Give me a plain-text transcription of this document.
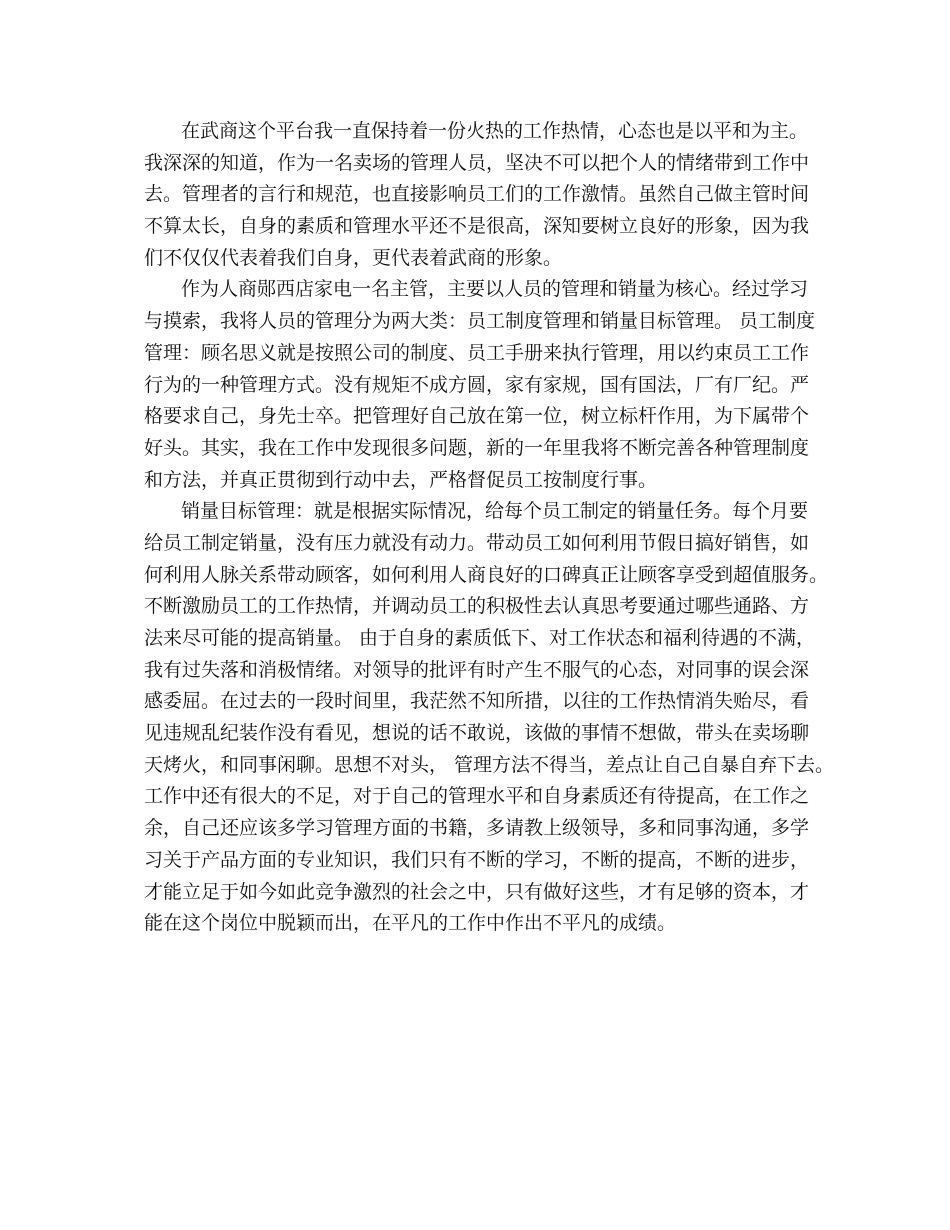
在武商这个平台我一直保持着一份火热的工作热情，心态也是以平和为主。
我深深的知道，作为一名卖场的管理人员，坚决不可以把个人的情绪带到工作中
去。管理者的言行和规范，也直接影响员工们的工作激情。虽然自己做主管时间
不算太长，自身的素质和管理水平还不是很高，深知要树立良好的形象，因为我
们不仅仅代表着我们自身，更代表着武商的形象。
作为人商郧西店家电一名主管，主要以人员的管理和销量为核心。经过学习
与摸索，我将人员的管理分为两大类：员工制度管理和销量目标管理。 员工制度
管理：顾名思义就是按照公司的制度、员工手册来执行管理，用以约束员工工作
行为的一种管理方式。没有规矩不成方圆，家有家规，国有国法，厂有厂纪。严
格要求自己，身先士卒。把管理好自己放在第一位，树立标杆作用，为下属带个
好头。其实，我在工作中发现很多问题，新的一年里我将不断完善各种管理制度
和方法，并真正贯彻到行动中去，严格督促员工按制度行事。
销量目标管理：就是根据实际情况，给每个员工制定的销量任务。每个月要
给员工制定销量，没有压力就没有动力。带动员工如何利用节假日搞好销售，如
何利用人脉关系带动顾客，如何利用人商良好的口碑真正让顾客享受到超值服务。
不断激励员工的工作热情，并调动员工的积极性去认真思考要通过哪些通路、方
法来尽可能的提高销量。 由于自身的素质低下、对工作状态和福利待遇的不满，
我有过失落和消极情绪。对领导的批评有时产生不服气的心态，对同事的误会深
感委屈。在过去的一段时间里，我茫然不知所措，以往的工作热情消失贻尽，看
见违规乱纪装作没有看见，想说的话不敢说，该做的事情不想做，带头在卖场聊
天烤火，和同事闲聊。思想不对头， 管理方法不得当，差点让自己自暴自弃下去。
工作中还有很大的不足，对于自己的管理水平和自身素质还有待提高，在工作之
余，自己还应该多学习管理方面的书籍，多请教上级领导，多和同事沟通，多学
习关于产品方面的专业知识，我们只有不断的学习，不断的提高，不断的进步，
才能立足于如今如此竞争激烈的社会之中，只有做好这些，才有足够的资本，才
能在这个岗位中脱颖而出，在平凡的工作中作出不平凡的成绩。
